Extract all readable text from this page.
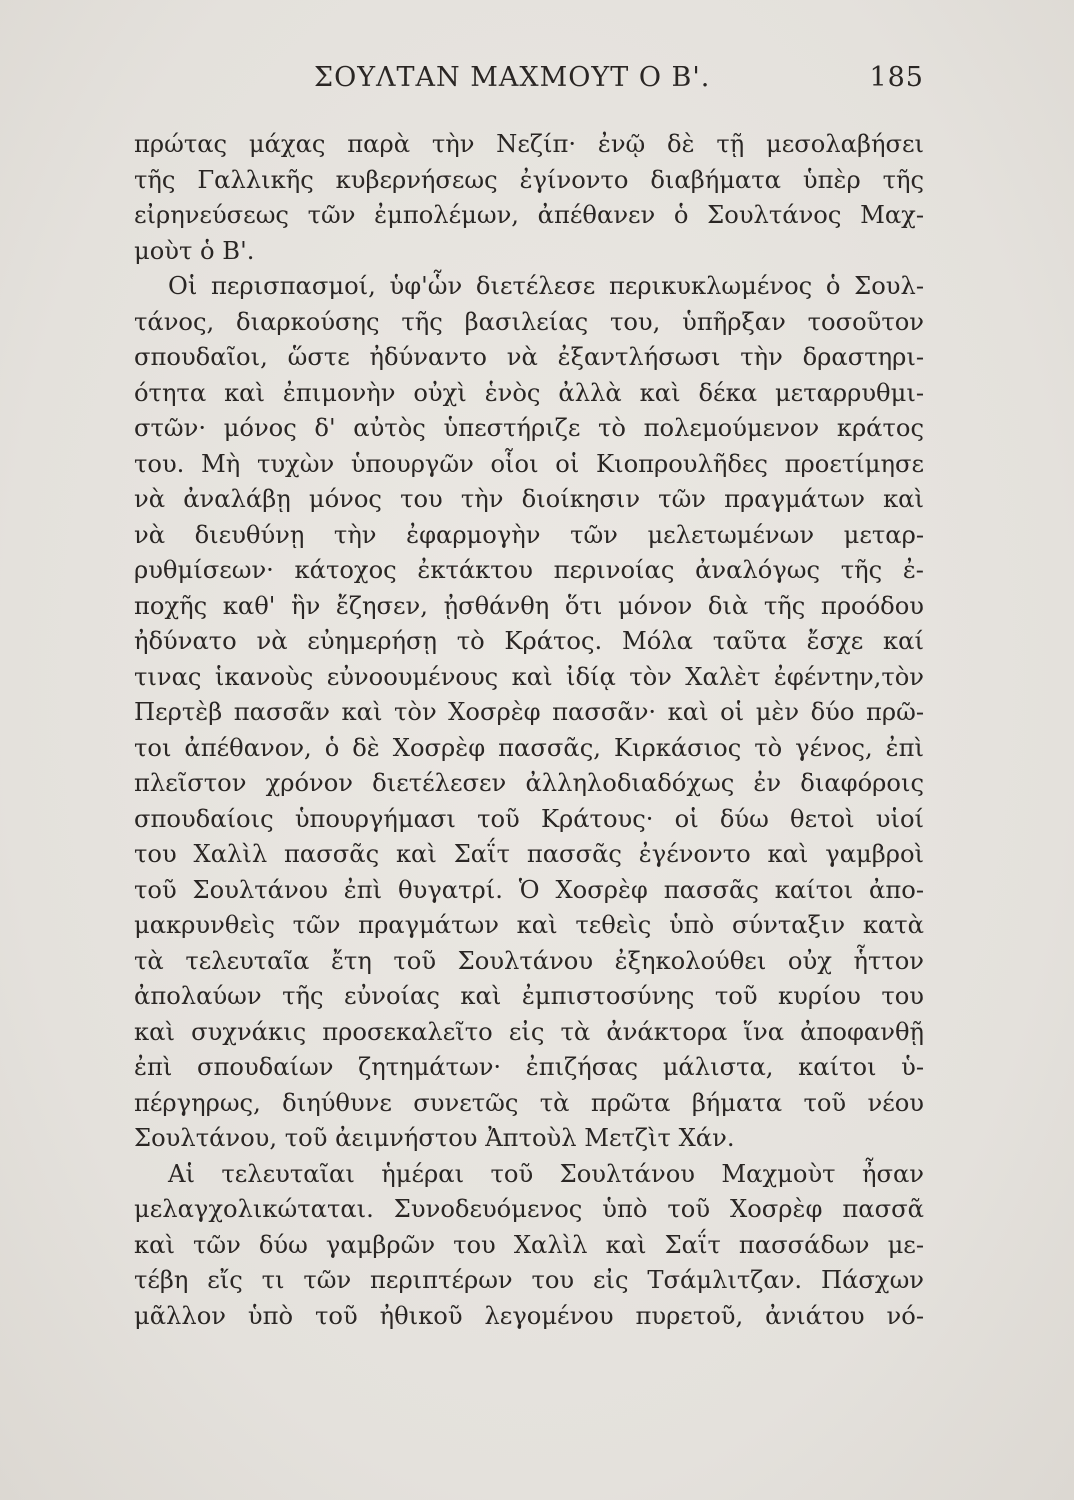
ΣΟΥΛΤΑΝ ΜΑΧΜΟΥΤ Ο Β'.	185
πρώτας μάχας παρὰ τὴν Νεζίπ· ἐνῷ δὲ τῇ μεσολαβήσει
τῆς Γαλλικῆς κυβερνήσεως ἐγίνοντο διαβήματα ὑπὲρ τῆς
εἰρηνεύσεως τῶν ἐμπολέμων, ἀπέθανεν ὁ Σουλτάνος Μαχ-
μοὺτ ὁ Β'.
Οἱ περισπασμοί, ὑφ'ὧν διετέλεσε περικυκλωμένος ὁ Σουλ-
τάνος, διαρκούσης τῆς βασιλείας του, ὑπῆρξαν τοσοῦτον
σπουδαῖοι, ὥστε ἠδύναντο νὰ ἐξαντλήσωσι τὴν δραστηρι-
ότητα καὶ ἐπιμονὴν οὐχὶ ἑνὸς ἀλλὰ καὶ δέκα μεταρρυθμι-
στῶν· μόνος δ' αὐτὸς ὑπεστήριζε τὸ πολεμούμενον κράτος
του. Μὴ τυχὼν ὑπουργῶν οἷοι οἱ Κιοπρουλῆδες προετίμησε
νὰ ἀναλάβῃ μόνος του τὴν διοίκησιν τῶν πραγμάτων καὶ
νὰ διευθύνῃ τὴν ἐφαρμογὴν τῶν μελετωμένων μεταρ-
ρυθμίσεων· κάτοχος ἐκτάκτου περινοίας ἀναλόγως τῆς ἐ-
ποχῆς καθ' ἣν ἔζησεν, ᾐσθάνθη ὅτι μόνον διὰ τῆς προόδου
ἠδύνατο νὰ εὐημερήσῃ τὸ Κράτος. Μόλα ταῦτα ἔσχε καί
τινας ἱκανοὺς εὐνοουμένους καὶ ἰδίᾳ τὸν Χαλὲτ ἐφέντην,τὸν
Περτὲβ πασσᾶν καὶ τὸν Χοσρὲφ πασσᾶν· καὶ οἱ μὲν δύο πρῶ-
τοι ἀπέθανον, ὁ δὲ Χοσρὲφ πασσᾶς, Κιρκάσιος τὸ γένος, ἐπὶ
πλεῖστον χρόνον διετέλεσεν ἀλληλοδιαδόχως ἐν διαφόροις
σπουδαίοις ὑπουργήμασι τοῦ Κράτους· οἱ δύω θετοὶ υἱοί
του Χαλὶλ πασσᾶς καὶ Σαΐτ πασσᾶς ἐγένοντο καὶ γαμβροὶ
τοῦ Σουλτάνου ἐπὶ θυγατρί. Ὁ Χοσρὲφ πασσᾶς καίτοι ἀπο-
μακρυνθεὶς τῶν πραγμάτων καὶ τεθεὶς ὑπὸ σύνταξιν κατὰ
τὰ τελευταῖα ἔτη τοῦ Σουλτάνου ἐξηκολούθει οὐχ ἧττον
ἀπολαύων τῆς εὐνοίας καὶ ἐμπιστοσύνης τοῦ κυρίου του
καὶ συχνάκις προσεκαλεῖτο εἰς τὰ ἀνάκτορα ἵνα ἀποφανθῇ
ἐπὶ σπουδαίων ζητημάτων· ἐπιζήσας μάλιστα, καίτοι ὑ-
πέργηρως, διηύθυνε συνετῶς τὰ πρῶτα βήματα τοῦ νέου
Σουλτάνου, τοῦ ἀειμνήστου Ἀπτοὺλ Μετζὶτ Χάν.
Αἱ τελευταῖαι ἡμέραι τοῦ Σουλτάνου Μαχμοὺτ ἦσαν
μελαγχολικώταται. Συνοδευόμενος ὑπὸ τοῦ Χοσρὲφ πασσᾶ
καὶ τῶν δύω γαμβρῶν του Χαλὶλ καὶ Σαΐτ πασσάδων με-
τέβη εἴς τι τῶν περιπτέρων του εἰς Τσάμλιτζαν. Πάσχων
μᾶλλον ὑπὸ τοῦ ἠθικοῦ λεγομένου πυρετοῦ, ἀνιάτου νό-
